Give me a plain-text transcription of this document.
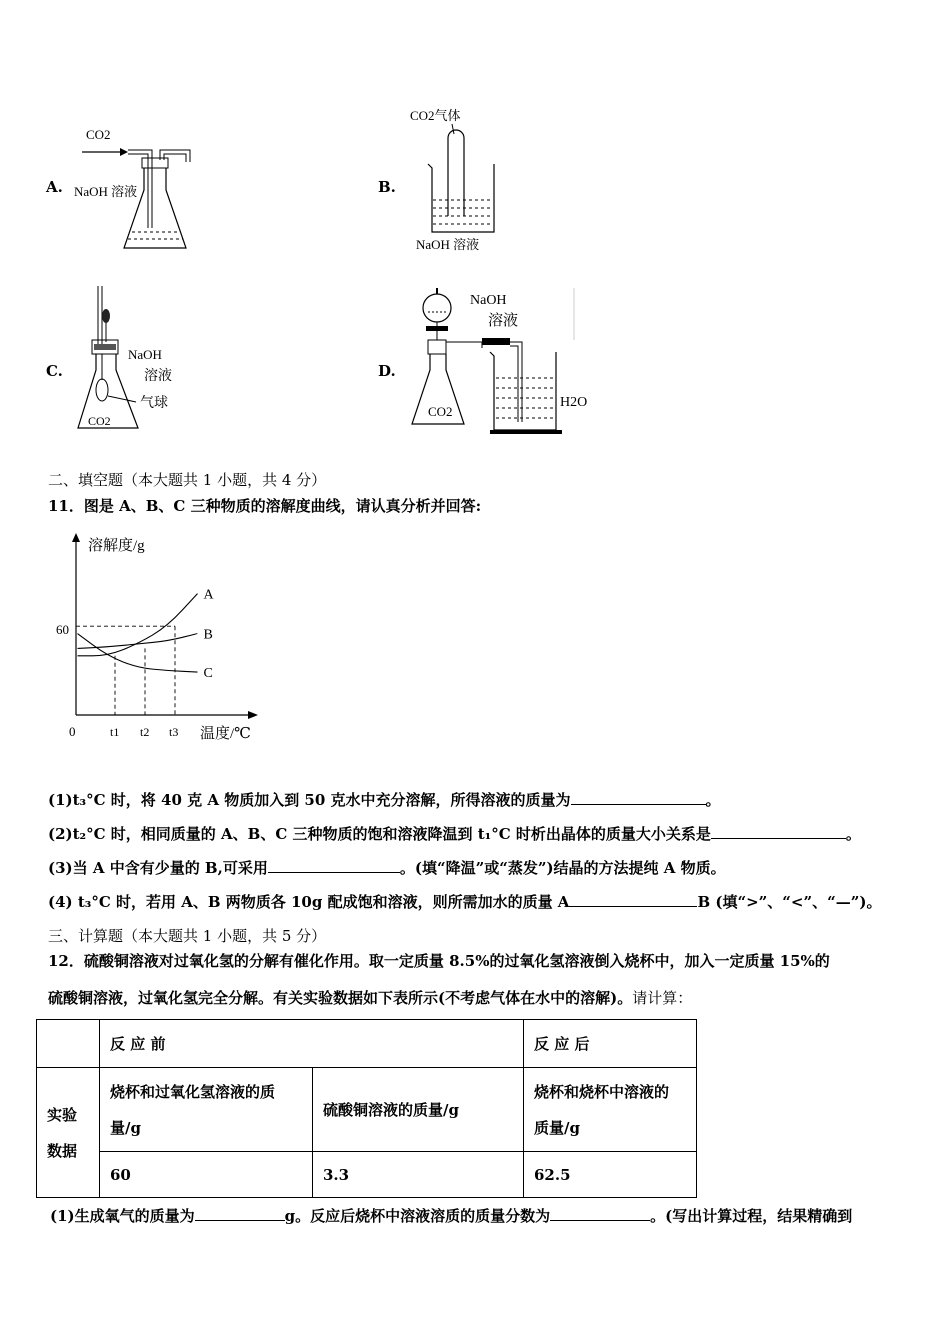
A.
CO2
NaOH 溶液	B.
CO2气体
NaOH 溶液
C.
NaOH
溶液
气球
CO2
D.
NaOH
溶液
CO2
H2O
二、填空题（本大题共 1 小题，共 4 分）
11．图是 A、B、C 三种物质的溶解度曲线，请认真分析并回答:
溶解度/g
温度/℃
0
60
t1 t2 t3
A
B
C
(1)t₃°C 时，将 40 克 A 物质加入到 50 克水中充分溶解，所得溶液的质量为	。
(2)t₂°C 时，相同质量的 A、B、C 三种物质的饱和溶液降温到 t₁°C 时析出晶体的质量大小关系是	。
(3)当 A 中含有少量的 B,可采用	。(填“降温”或“蒸发”)结晶的方法提纯 A 物质。
(4) t₃°C 时，若用 A、B 两物质各 10g 配成饱和溶液，则所需加水的质量 A	B (填“>”、“<”、“—”)。
三、计算题（本大题共 1 小题，共 5 分）
12．硫酸铜溶液对过氧化氢的分解有催化作用。取一定质量 8.5%的过氧化氢溶液倒入烧杯中，加入一定质量 15%的
硫酸铜溶液，过氧化氢完全分解。有关实验数据如下表所示(不考虑气体在水中的溶解)。请计算：
	反 应 前		反 应 后
实验
数据	烧杯和过氧化氢溶液的质
量/g	硫酸铜溶液的质量/g	烧杯和烧杯中溶液的
质量/g
	60	3.3	62.5
(1)生成氧气的质量为	g。反应后烧杯中溶液溶质的质量分数为	。(写出计算过程，结果精确到
